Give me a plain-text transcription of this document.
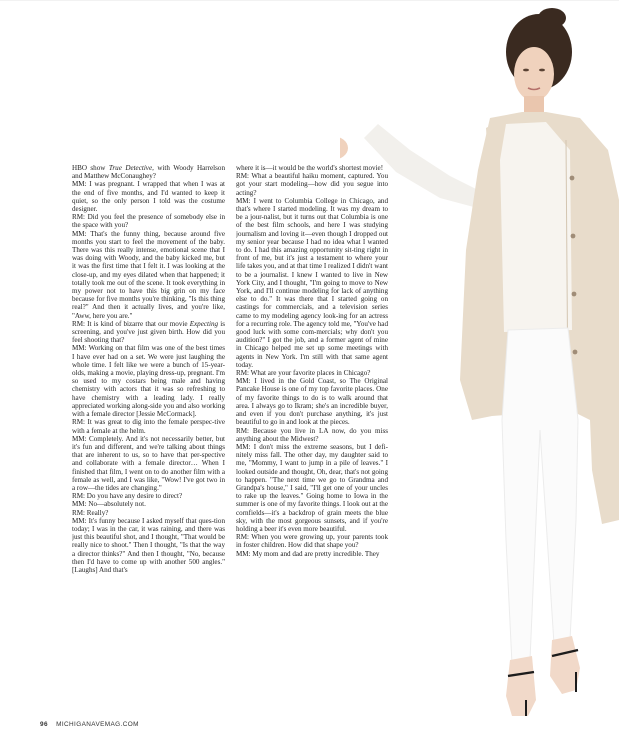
HBO show True Detective, with Woody Harrelson and Matthew McConaughey?

MM: I was pregnant. I wrapped that when I was at the end of five months, and I'd wanted to keep it quiet, so the only person I told was the costume designer.

RM: Did you feel the presence of somebody else in the space with you?

MM: That's the funny thing, because around five months you start to feel the movement of the baby. There was this really intense, emotional scene that I was doing with Woody, and the baby kicked me, but it was the first time that I felt it. I was looking at the close-up, and my eyes dilated when that happened; it totally took me out of the scene. It took everything in my power not to have this big grin on my face because for five months you're thinking, "Is this thing real?" And then it actually lives, and you're like, "Aww, here you are."

RM: It is kind of bizarre that our movie Expecting is screening, and you've just given birth. How did you feel shooting that?

MM: Working on that film was one of the best times I have ever had on a set. We were just laughing the whole time. I felt like we were a bunch of 15-year-olds, making a movie, playing dress-up, pregnant. I'm so used to my costars being male and having chemistry with actors that it was so refreshing to have chemistry with a leading lady. I really appreciated working along-side you and also working with a female director [Jessie McCormack].

RM: It was great to dig into the female perspec-tive with a female at the helm.

MM: Completely. And it's not necessarily better, but it's fun and different, and we're talking about things that are inherent to us, so to have that per-spective and collaborate with a female director… When I finished that film, I went on to do another film with a female as well, and I was like, "Wow! I've got two in a row—the tides are changing."

RM: Do you have any desire to direct?

MM: No—absolutely not.

RM: Really?

MM: It's funny because I asked myself that ques-tion today; I was in the car, it was raining, and there was just this beautiful shot, and I thought, "That would be really nice to shoot." Then I thought, "Is that the way a director thinks?" And then I thought, "No, because then I'd have to come up with another 500 angles." [Laughs] And that's

where it is—it would be the world's shortest movie!

RM: What a beautiful haiku moment, captured. You got your start modeling—how did you segue into acting?

MM: I went to Columbia College in Chicago, and that's where I started modeling. It was my dream to be a jour-nalist, but it turns out that Columbia is one of the best film schools, and here I was studying journalism and loving it—even though I dropped out my senior year because I had no idea what I wanted to do. I had this amazing opportunity sit-ting right in front of me, but it's just a testament to where your life takes you, and at that time I realized I didn't want to be a journalist. I knew I wanted to live in New York City, and I thought, "I'm going to move to New York, and I'll continue modeling for lack of anything else to do." It was there that I started going on castings for commercials, and a television series came to my modeling agency look-ing for an actress for a recurring role. The agency told me, "You've had good luck with some com-mercials; why don't you audition?" I got the job, and a former agent of mine in Chicago helped me set up some meetings with agents in New York. I'm still with that same agent today.

RM: What are your favorite places in Chicago?

MM: I lived in the Gold Coast, so The Original Pancake House is one of my top favorite places. One of my favorite things to do is to walk around that area. I always go to Ikram; she's an incredible buyer, and even if you don't purchase anything, it's just beautiful to go in and look at the pieces.

RM: Because you live in LA now, do you miss anything about the Midwest?

MM: I don't miss the extreme seasons, but I defi-nitely miss fall. The other day, my daughter said to me, "Mommy, I want to jump in a pile of leaves." I looked outside and thought, Oh, dear, that's not going to happen. "The next time we go to Grandma and Grandpa's house," I said, "I'll get one of your uncles to rake up the leaves." Going home to Iowa in the summer is one of my favorite things. I look out at the cornfields—it's a backdrop of grain meets the blue sky, with the most gorgeous sunsets, and if you're holding a beer it's even more beautiful.

RM: When you were growing up, your parents took in foster children. How did that shape you?

MM: My mom and dad are pretty incredible. They

96 MICHIGANAVEMAG.COM
